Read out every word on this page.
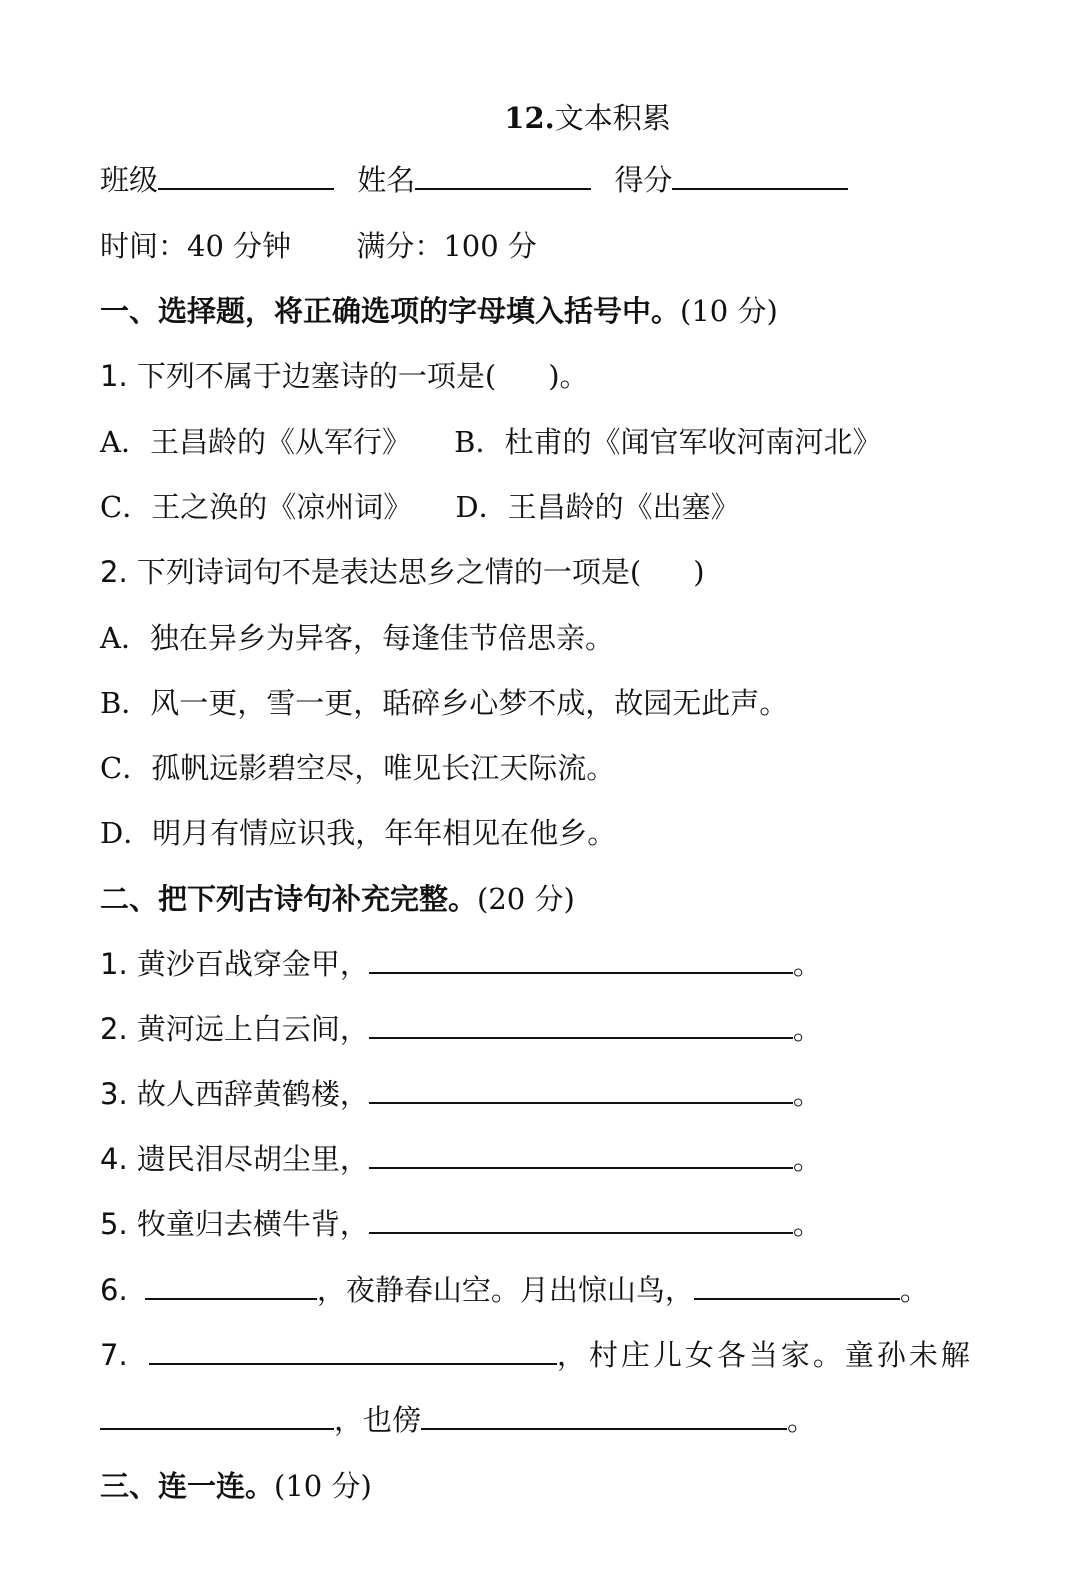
12.文本积累
班级	姓名	得分
时间：40 分钟 满分：100 分
一、选择题，将正确选项的字母填入括号中。(10 分)
1. 下列不属于边塞诗的一项是( )。
A．王昌龄的《从军行》 B．杜甫的《闻官军收河南河北》
C．王之涣的《凉州词》 D．王昌龄的《出塞》
2. 下列诗词句不是表达思乡之情的一项是( )
A．独在异乡为异客，每逢佳节倍思亲。
B．风一更，雪一更，聒碎乡心梦不成，故园无此声。
C．孤帆远影碧空尽，唯见长江天际流。
D．明月有情应识我，年年相见在他乡。
二、把下列古诗句补充完整。(20 分)
1. 黄沙百战穿金甲，	。
2. 黄河远上白云间，	。
3. 故人西辞黄鹤楼，	。
4. 遗民泪尽胡尘里，	。
5. 牧童归去横牛背，	。
6.	，夜静春山空。月出惊山鸟，	。
7.	，村庄儿女各当家。童孙未解
，也傍	。
三、连一连。(10 分)
